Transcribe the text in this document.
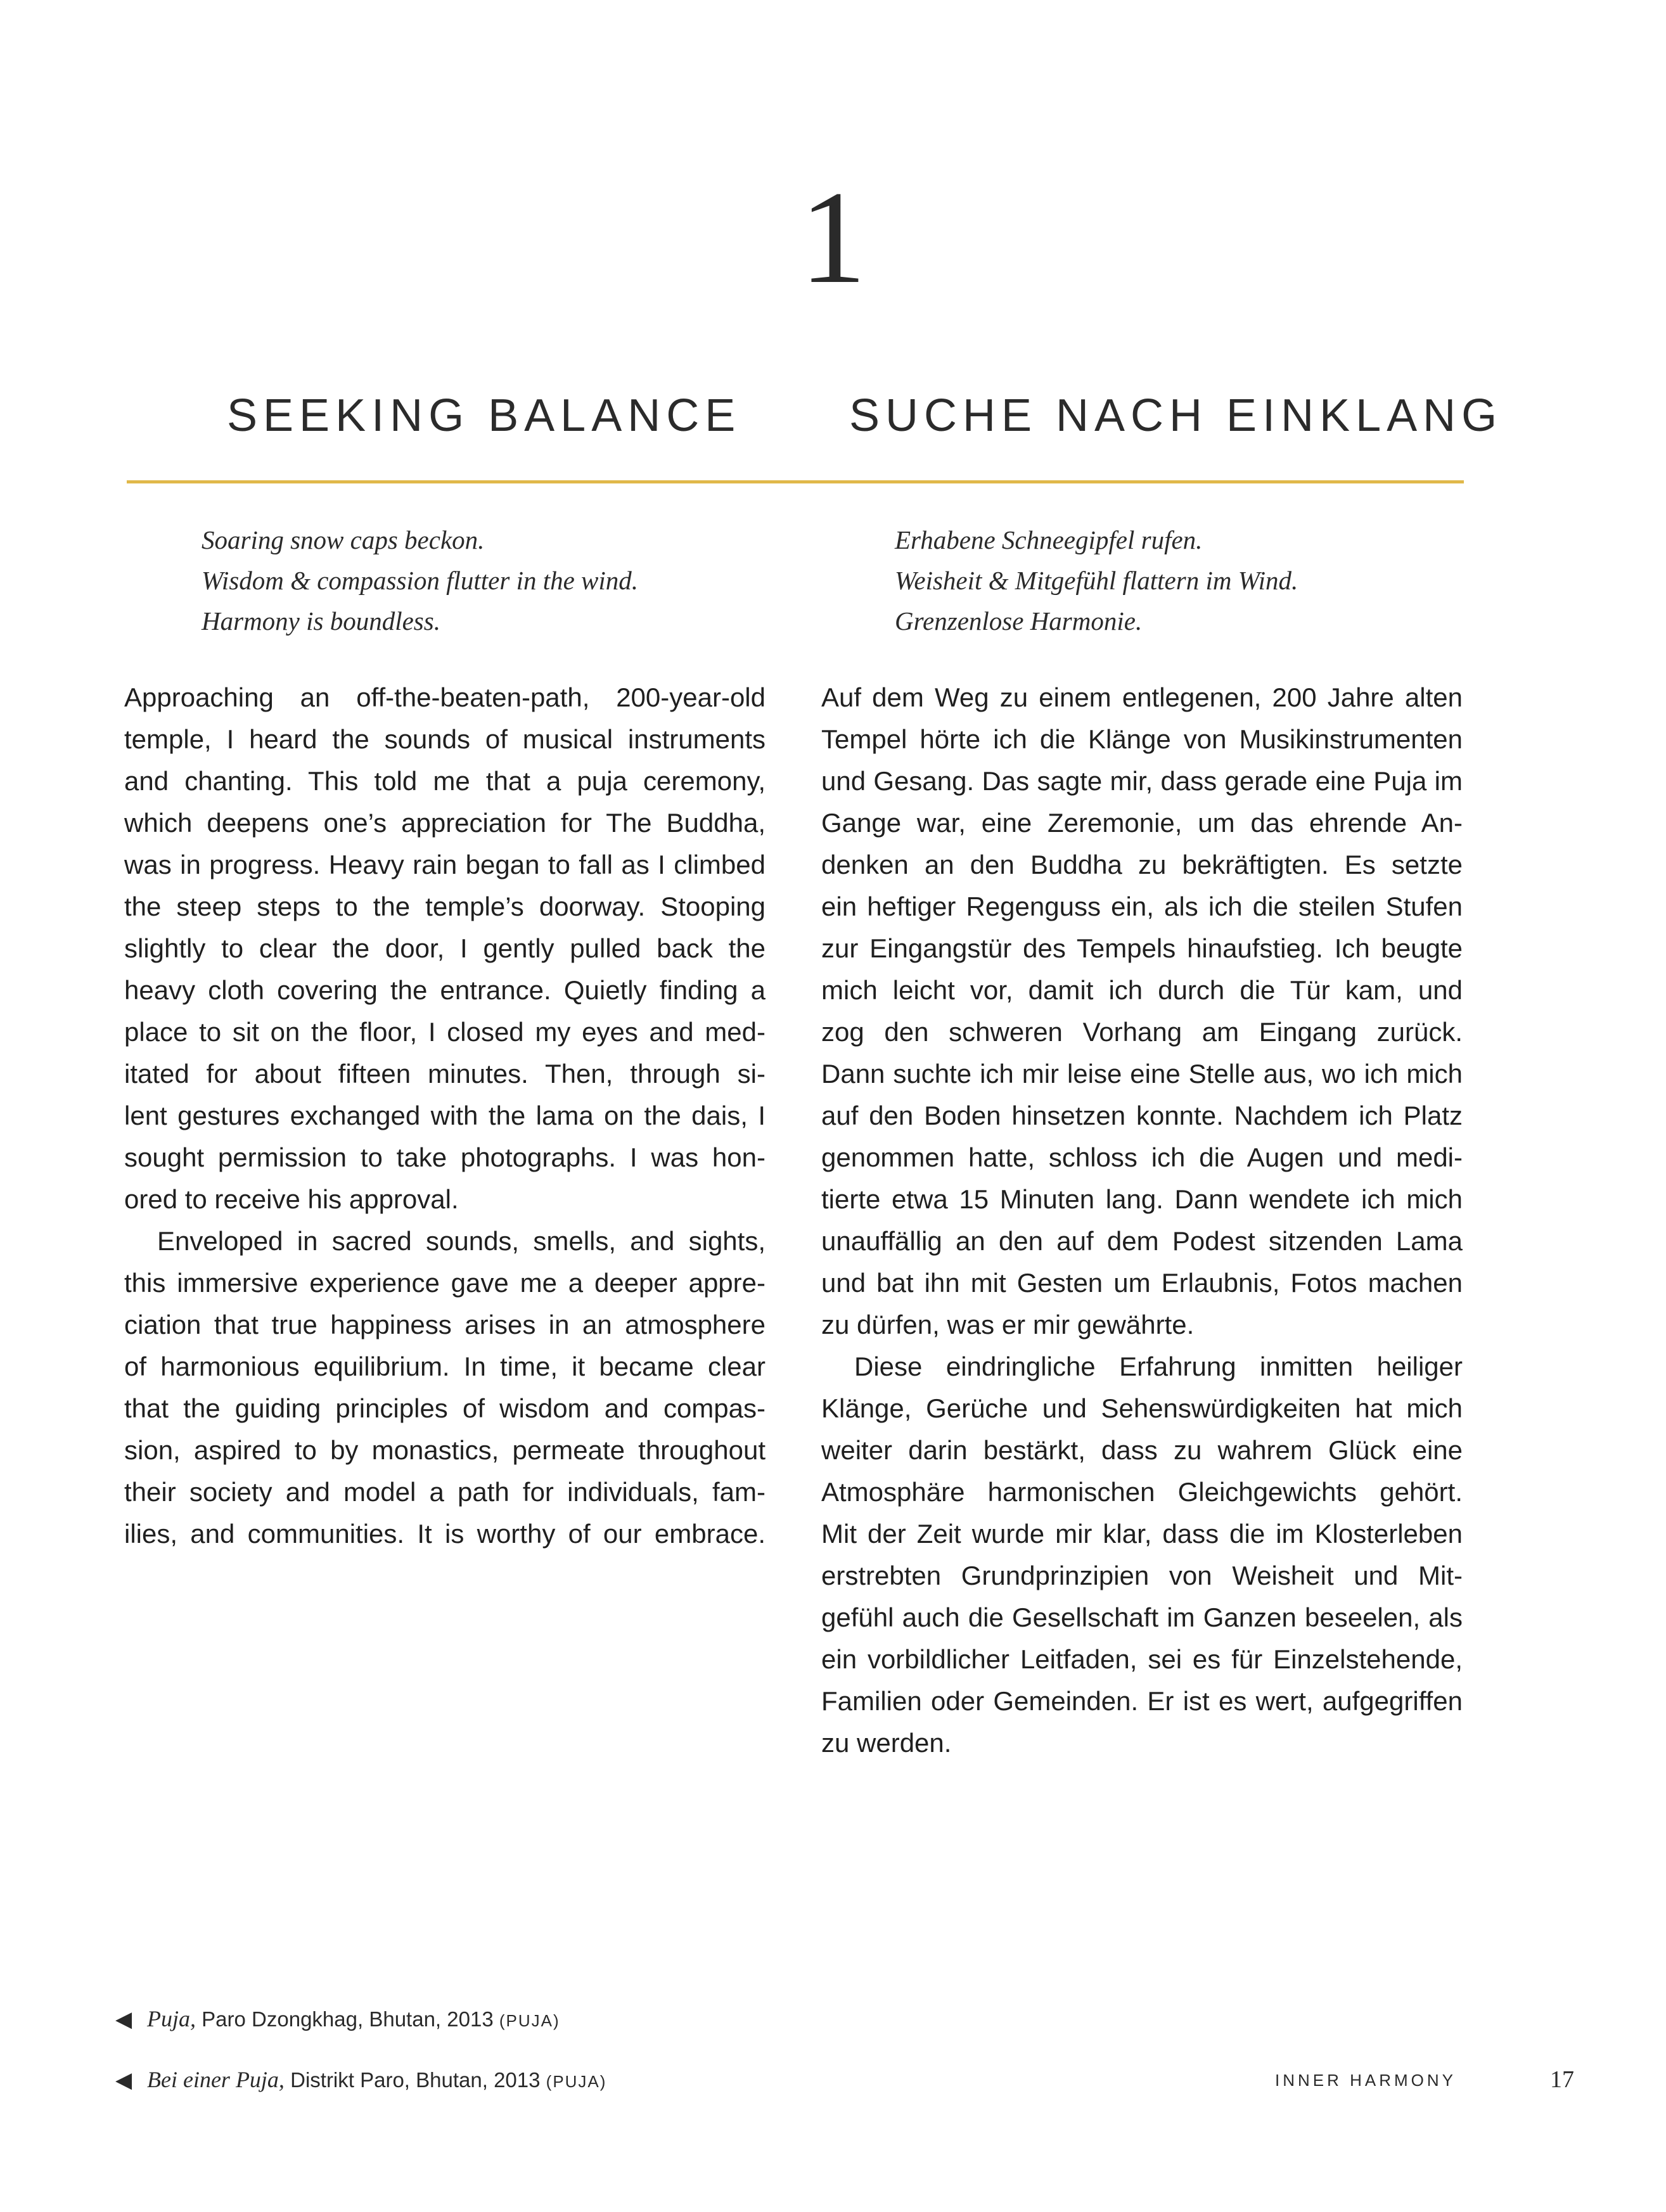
1
SEEKING BALANCE SUCHE NACH EINKLANG
Soaring snow caps beckon.
Wisdom & compassion flutter in the wind.
Harmony is boundless.
Erhabene Schneegipfel rufen.
Weisheit & Mitgefühl flattern im Wind.
Grenzenlose Harmonie.
Approaching an off-the-beaten-path, 200-year-old
temple, I heard the sounds of musical instruments
and chanting. This told me that a puja ceremony,
which deepens one’s appreciation for The Buddha,
was in progress. Heavy rain began to fall as I climbed
the steep steps to the temple’s doorway. Stooping
slightly to clear the door, I gently pulled back the
heavy cloth covering the entrance. Quietly finding a
place to sit on the floor, I closed my eyes and med-
itated for about fifteen minutes. Then, through si-
lent gestures exchanged with the lama on the dais, I
sought permission to take photographs. I was hon-
ored to receive his approval.
Enveloped in sacred sounds, smells, and sights,
this immersive experience gave me a deeper appre-
ciation that true happiness arises in an atmosphere
of harmonious equilibrium. In time, it became clear
that the guiding principles of wisdom and compas-
sion, aspired to by monastics, permeate throughout
their society and model a path for individuals, fam-
ilies, and communities. It is worthy of our embrace.
Auf dem Weg zu einem entlegenen, 200 Jahre alten
Tempel hörte ich die Klänge von Musikinstrumenten
und Gesang. Das sagte mir, dass gerade eine Puja im
Gange war, eine Zeremonie, um das ehrende An-
denken an den Buddha zu bekräftigten. Es setzte
ein heftiger Regenguss ein, als ich die steilen Stufen
zur Eingangstür des Tempels hinaufstieg. Ich beugte
mich leicht vor, damit ich durch die Tür kam, und
zog den schweren Vorhang am Eingang zurück.
Dann suchte ich mir leise eine Stelle aus, wo ich mich
auf den Boden hinsetzen konnte. Nachdem ich Platz
genommen hatte, schloss ich die Augen und medi-
tierte etwa 15 Minuten lang. Dann wendete ich mich
unauffällig an den auf dem Podest sitzenden Lama
und bat ihn mit Gesten um Erlaubnis, Fotos machen
zu dürfen, was er mir gewährte.
Diese eindringliche Erfahrung inmitten heiliger
Klänge, Gerüche und Sehenswürdigkeiten hat mich
weiter darin bestärkt, dass zu wahrem Glück eine
Atmosphäre harmonischen Gleichgewichts gehört.
Mit der Zeit wurde mir klar, dass die im Klosterleben
erstrebten Grundprinzipien von Weisheit und Mit-
gefühl auch die Gesellschaft im Ganzen beseelen, als
ein vorbildlicher Leitfaden, sei es für Einzelstehende,
Familien oder Gemeinden. Er ist es wert, aufgegriffen
zu werden.
◀ Puja, Paro Dzongkhag, Bhutan, 2013 (PUJA)
◀ Bei einer Puja, Distrikt Paro, Bhutan, 2013 (PUJA)	INNER HARMONY	17
